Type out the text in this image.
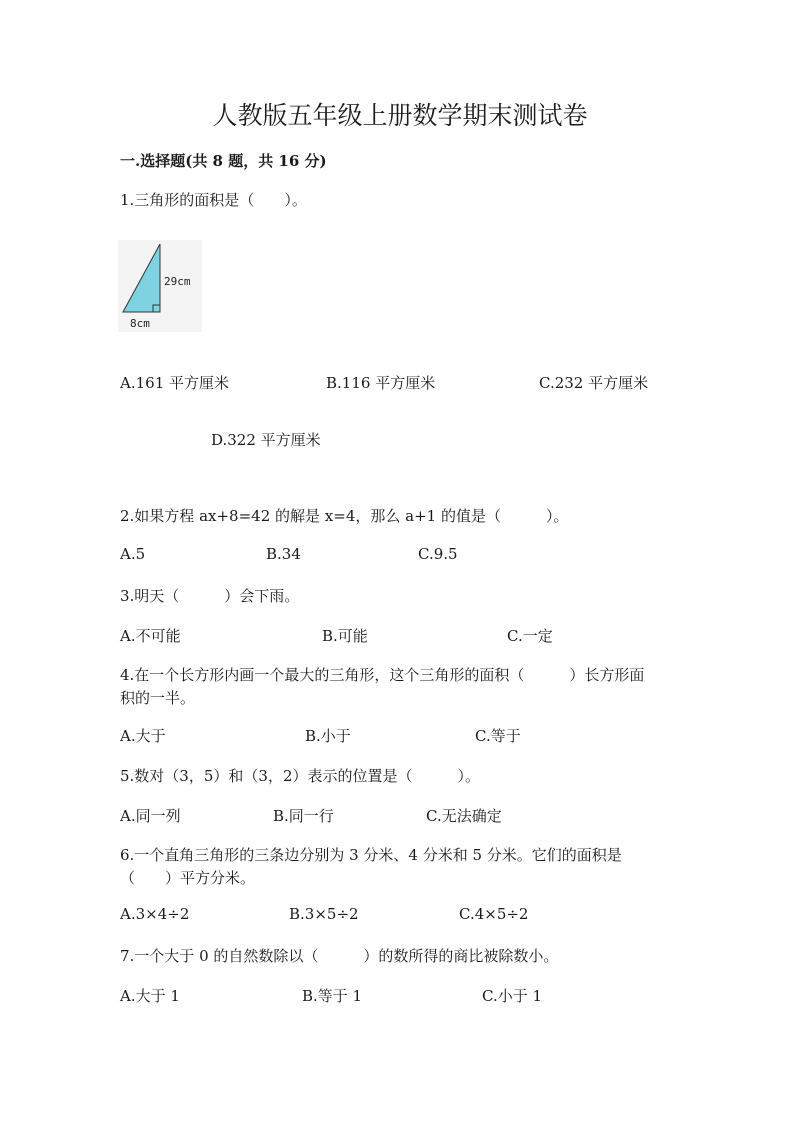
人教版五年级上册数学期末测试卷
一.选择题(共 8 题，共 16 分)
1.三角形的面积是（　　）。
29cm
8cm
A.161 平方厘米	B.116 平方厘米	C.232 平方厘米
D.322 平方厘米
2.如果方程 ax+8=42 的解是 x=4，那么 a+1 的值是（　　　）。
A.5	B.34	C.9.5
3.明天（　　　）会下雨。
A.不可能	B.可能	C.一定
4.在一个长方形内画一个最大的三角形，这个三角形的面积（　　　）长方形面
积的一半。
A.大于	B.小于	C.等于
5.数对（3，5）和（3，2）表示的位置是（　　　）。
A.同一列	B.同一行	C.无法确定
6.一个直角三角形的三条边分别为 3 分米、4 分米和 5 分米。它们的面积是
（　　）平方分米。
A.3×4÷2	B.3×5÷2	C.4×5÷2
7.一个大于 0 的自然数除以（　　　）的数所得的商比被除数小。
A.大于 1	B.等于 1	C.小于 1
